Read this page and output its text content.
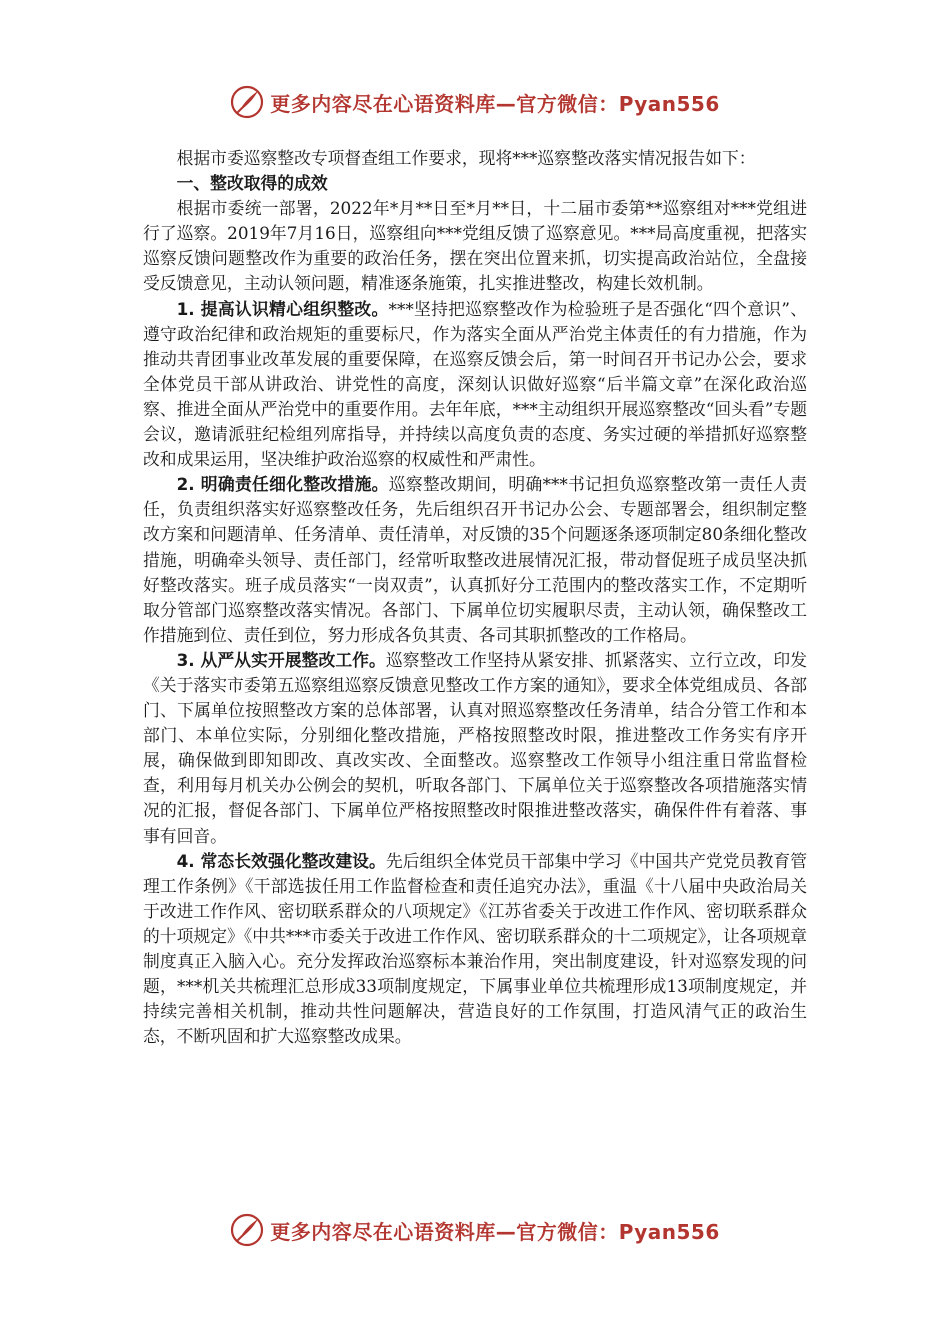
更多内容尽在心语资料库—官方微信：Pyan556

根据市委巡察整改专项督查组工作要求，现将***巡察整改落实情况报告如下：

一、整改取得的成效

根据市委统一部署，2022年*月**日至*月**日，十二届市委第**巡察组对***党组进行了巡察。2019年7月16日，巡察组向***党组反馈了巡察意见。***局高度重视，把落实巡察反馈问题整改作为重要的政治任务，摆在突出位置来抓，切实提高政治站位，全盘接受反馈意见，主动认领问题，精准逐条施策，扎实推进整改，构建长效机制。

1. 提高认识精心组织整改。***坚持把巡察整改作为检验班子是否强化“四个意识”、遵守政治纪律和政治规矩的重要标尺，作为落实全面从严治党主体责任的有力措施，作为推动共青团事业改革发展的重要保障，在巡察反馈会后，第一时间召开书记办公会，要求全体党员干部从讲政治、讲党性的高度，深刻认识做好巡察“后半篇文章”在深化政治巡察、推进全面从严治党中的重要作用。去年年底，***主动组织开展巡察整改“回头看”专题会议，邀请派驻纪检组列席指导，并持续以高度负责的态度、务实过硬的举措抓好巡察整改和成果运用，坚决维护政治巡察的权威性和严肃性。

2. 明确责任细化整改措施。巡察整改期间，明确***书记担负巡察整改第一责任人责任，负责组织落实好巡察整改任务，先后组织召开书记办公会、专题部署会，组织制定整改方案和问题清单、任务清单、责任清单，对反馈的35个问题逐条逐项制定80条细化整改措施，明确牵头领导、责任部门，经常听取整改进展情况汇报，带动督促班子成员坚决抓好整改落实。班子成员落实“一岗双责”，认真抓好分工范围内的整改落实工作，不定期听取分管部门巡察整改落实情况。各部门、下属单位切实履职尽责，主动认领，确保整改工作措施到位、责任到位，努力形成各负其责、各司其职抓整改的工作格局。

3. 从严从实开展整改工作。巡察整改工作坚持从紧安排、抓紧落实、立行立改，印发《关于落实市委第五巡察组巡察反馈意见整改工作方案的通知》，要求全体党组成员、各部门、下属单位按照整改方案的总体部署，认真对照巡察整改任务清单，结合分管工作和本部门、本单位实际，分别细化整改措施，严格按照整改时限，推进整改工作务实有序开展，确保做到即知即改、真改实改、全面整改。巡察整改工作领导小组注重日常监督检查，利用每月机关办公例会的契机，听取各部门、下属单位关于巡察整改各项措施落实情况的汇报，督促各部门、下属单位严格按照整改时限推进整改落实，确保件件有着落、事事有回音。

4. 常态长效强化整改建设。先后组织全体党员干部集中学习《中国共产党党员教育管理工作条例》《干部选拔任用工作监督检查和责任追究办法》，重温《十八届中央政治局关于改进工作作风、密切联系群众的八项规定》《江苏省委关于改进工作作风、密切联系群众的十项规定》《中共***市委关于改进工作作风、密切联系群众的十二项规定》，让各项规章制度真正入脑入心。充分发挥政治巡察标本兼治作用，突出制度建设，针对巡察发现的问题，***机关共梳理汇总形成33项制度规定，下属事业单位共梳理形成13项制度规定，并持续完善相关机制，推动共性问题解决，营造良好的工作氛围，打造风清气正的政治生态，不断巩固和扩大巡察整改成果。

更多内容尽在心语资料库—官方微信：Pyan556
